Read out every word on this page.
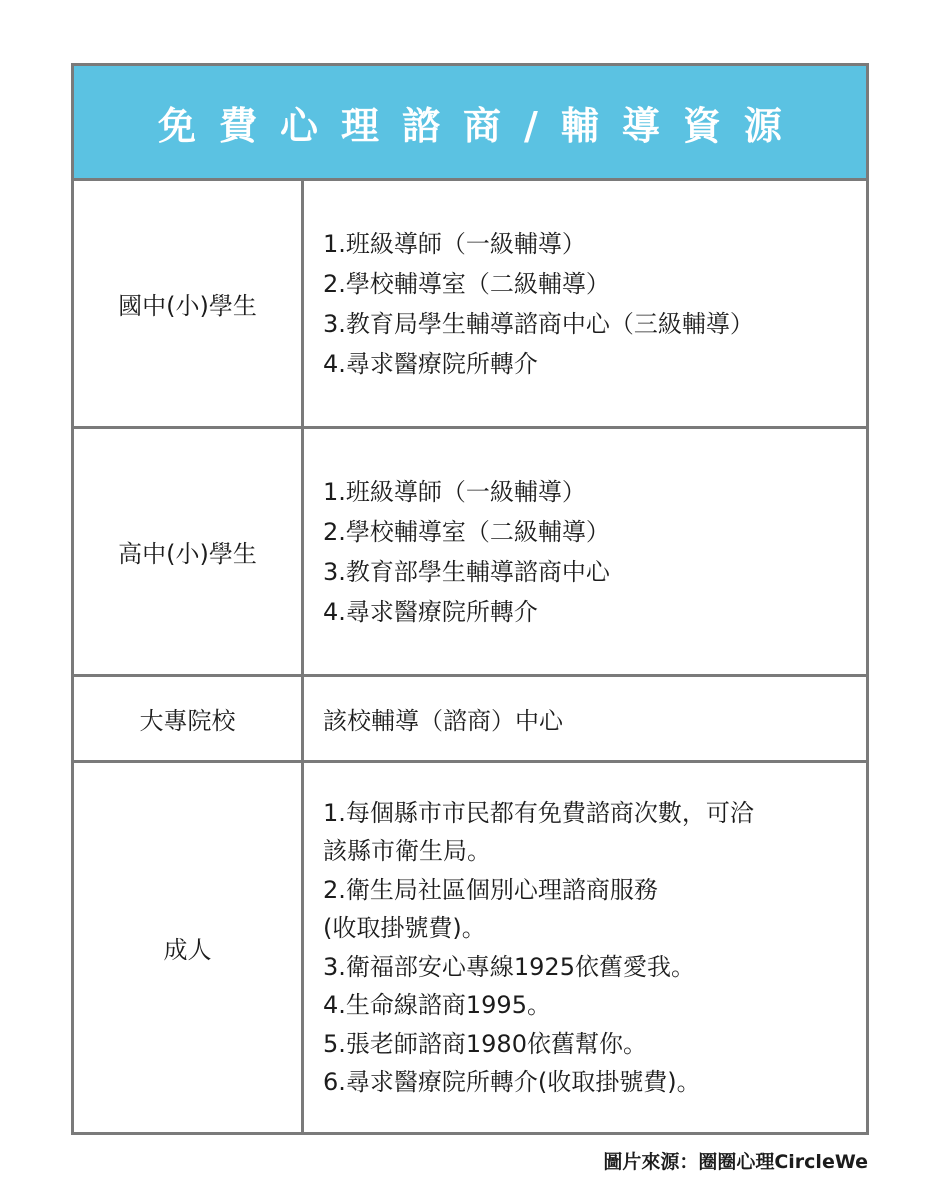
免費心理諮商/輔導資源
國中(小)學生
1.班級導師（一級輔導）
2.學校輔導室（二級輔導）
3.教育局學生輔導諮商中心（三級輔導）
4.尋求醫療院所轉介
高中(小)學生
1.班級導師（一級輔導）
2.學校輔導室（二級輔導）
3.教育部學生輔導諮商中心
4.尋求醫療院所轉介
大專院校	該校輔導（諮商）中心
成人
1.每個縣市市民都有免費諮商次數，可洽
該縣市衛生局。
2.衛生局社區個別心理諮商服務
(收取掛號費)。
3.衛福部安心專線1925依舊愛我。
4.生命線諮商1995。
5.張老師諮商1980依舊幫你。
6.尋求醫療院所轉介(收取掛號費)。
圖片來源：圈圈心理CircleWe
